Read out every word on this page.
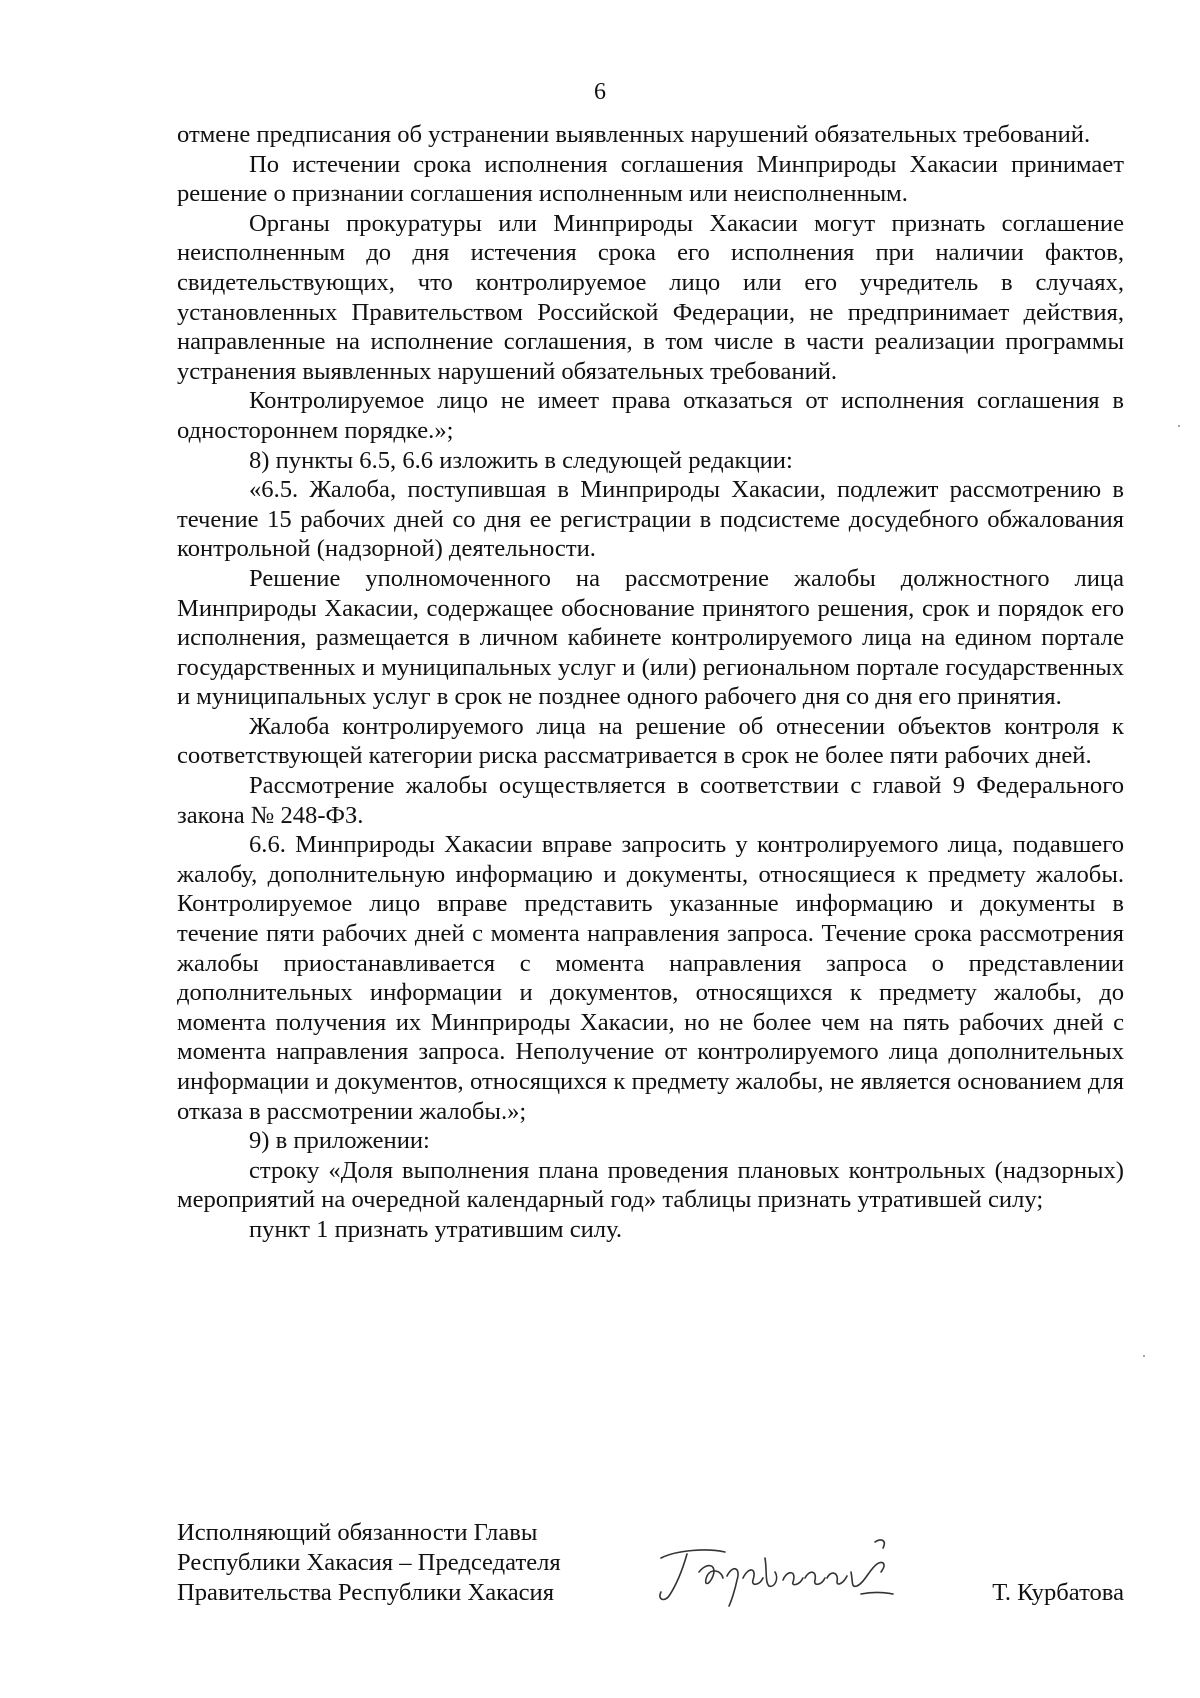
6

отмене предписания об устранении выявленных нарушений обязательных требований.

По истечении срока исполнения соглашения Минприроды Хакасии принимает решение о признании соглашения исполненным или неисполненным.

Органы прокуратуры или Минприроды Хакасии могут признать соглашение неисполненным до дня истечения срока его исполнения при наличии фактов, свидетельствующих, что контролируемое лицо или его учредитель в случаях, установленных Правительством Российской Федерации, не предпринимает действия, направленные на исполнение соглашения, в том числе в части реализации программы устранения выявленных нарушений обязательных требований.

Контролируемое лицо не имеет права отказаться от исполнения соглашения в одностороннем порядке.»;

8) пункты 6.5, 6.6 изложить в следующей редакции:

«6.5. Жалоба, поступившая в Минприроды Хакасии, подлежит рассмотрению в течение 15 рабочих дней со дня ее регистрации в подсистеме досудебного обжалования контрольной (надзорной) деятельности.

Решение уполномоченного на рассмотрение жалобы должностного лица Минприроды Хакасии, содержащее обоснование принятого решения, срок и порядок его исполнения, размещается в личном кабинете контролируемого лица на едином портале государственных и муниципальных услуг и (или) региональном портале государственных и муниципальных услуг в срок не позднее одного рабочего дня со дня его принятия.

Жалоба контролируемого лица на решение об отнесении объектов контроля к соответствующей категории риска рассматривается в срок не более пяти рабочих дней.

Рассмотрение жалобы осуществляется в соответствии с главой 9 Федерального закона № 248-ФЗ.

6.6. Минприроды Хакасии вправе запросить у контролируемого лица, подавшего жалобу, дополнительную информацию и документы, относящиеся к предмету жалобы. Контролируемое лицо вправе представить указанные информацию и документы в течение пяти рабочих дней с момента направления запроса. Течение срока рассмотрения жалобы приостанавливается с момента направления запроса о представлении дополнительных информации и документов, относящихся к предмету жалобы, до момента получения их Минприроды Хакасии, но не более чем на пять рабочих дней с момента направления запроса. Неполучение от контролируемого лица дополнительных информации и документов, относящихся к предмету жалобы, не является основанием для отказа в рассмотрении жалобы.»;

9) в приложении:

строку «Доля выполнения плана проведения плановых контрольных (надзорных) мероприятий на очередной календарный год» таблицы признать утратившей силу;

пункт 1 признать утратившим силу.

Исполняющий обязанности Главы
Республики Хакасия – Председателя
Правительства Республики Хакасия	Т. Курбатова
